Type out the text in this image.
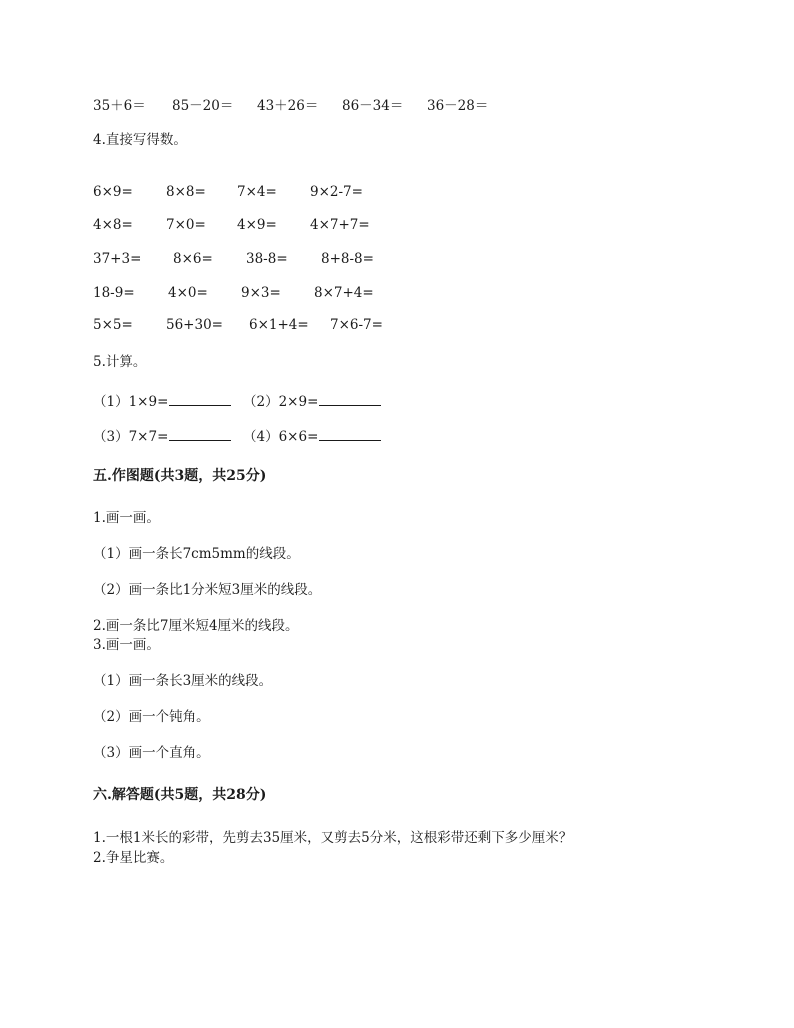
35＋6＝ 85－20＝ 43＋26＝ 86－34＝ 36－28＝
4.直接写得数。
6×9= 8×8= 7×4= 9×2-7=
4×8= 7×0= 4×9= 4×7+7=
37+3= 8×6= 38-8= 8+8-8=
18-9= 4×0= 9×3= 8×7+4=
5×5= 56+30= 6×1+4= 7×6-7=
5.计算。
（1）1×9=	（2）2×9=
（3）7×7=	（4）6×6=
五.作图题(共3题，共25分)
1.画一画。
（1）画一条长7cm5mm的线段。
（2）画一条比1分米短3厘米的线段。
2.画一条比7厘米短4厘米的线段。
3.画一画。
（1）画一条长3厘米的线段。
（2）画一个钝角。
（3）画一个直角。
六.解答题(共5题，共28分)
1.一根1米长的彩带，先剪去35厘米，又剪去5分米，这根彩带还剩下多少厘米？
2.争星比赛。
